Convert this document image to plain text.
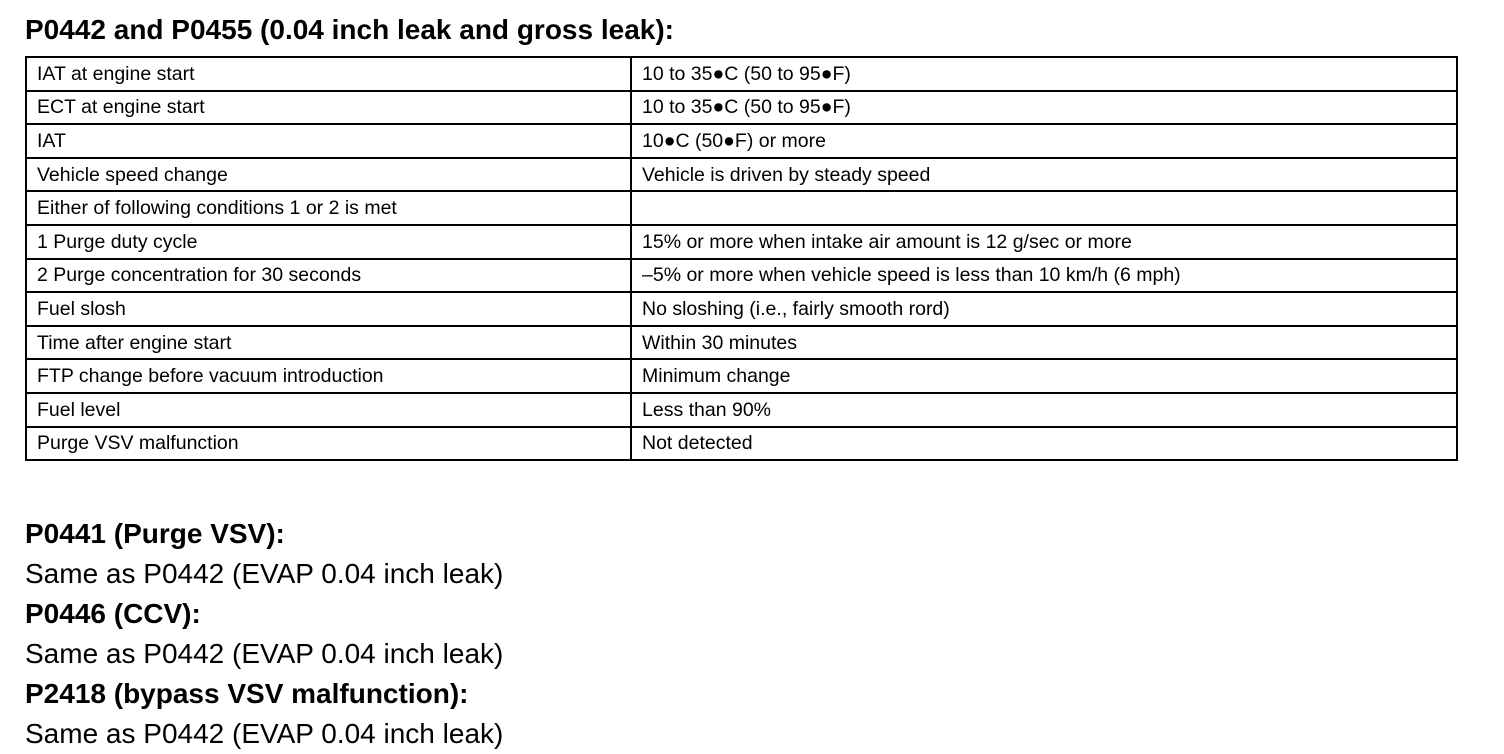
P0442 and P0455 (0.04 inch leak and gross leak):
IAT at engine start	10 to 35●C (50 to 95●F)
ECT at engine start	10 to 35●C (50 to 95●F)
IAT	10●C (50●F) or more
Vehicle speed change	Vehicle is driven by steady speed
Either of following conditions 1 or 2 is met	
1 Purge duty cycle	15% or more when intake air amount is 12 g/sec or more
2 Purge concentration for 30 seconds	–5% or more when vehicle speed is less than 10 km/h (6 mph)
Fuel slosh	No sloshing (i.e., fairly smooth rord)
Time after engine start	Within 30 minutes
FTP change before vacuum introduction	Minimum change
Fuel level	Less than 90%
Purge VSV malfunction	Not detected
P0441 (Purge VSV):
Same as P0442 (EVAP 0.04 inch leak)
P0446 (CCV):
Same as P0442 (EVAP 0.04 inch leak)
P2418 (bypass VSV malfunction):
Same as P0442 (EVAP 0.04 inch leak)
